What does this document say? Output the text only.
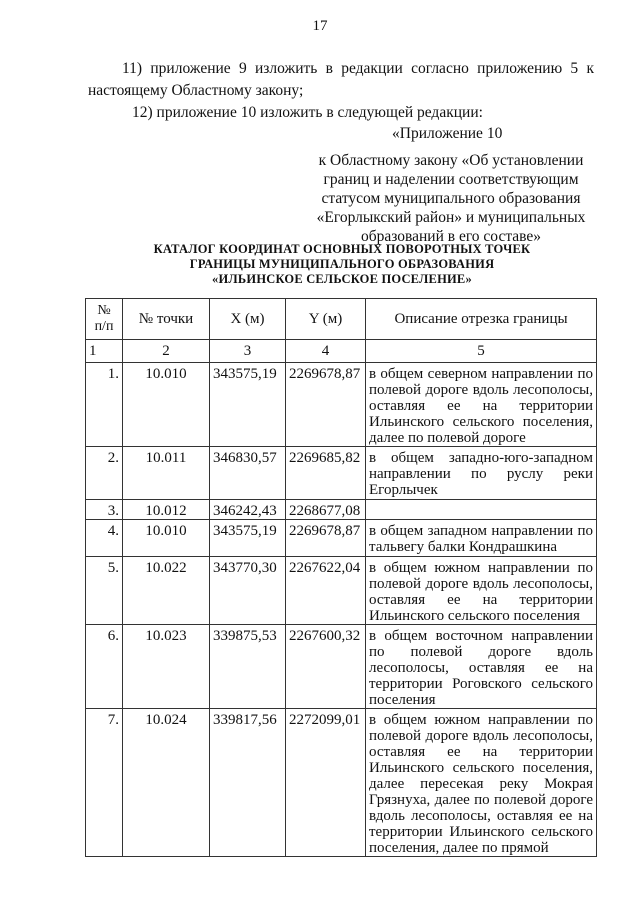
17
11) приложение 9 изложить в редакции согласно приложению 5 к
настоящему Областному закону;
12) приложение 10 изложить в следующей редакции:
«Приложение 10
к Областному закону «Об установлении
границ и наделении соответствующим
статусом муниципального образования
«Егорлыкский район» и муниципальных
образований в его составе»
КАТАЛОГ КООРДИНАТ ОСНОВНЫХ ПОВОРОТНЫХ ТОЧЕК
ГРАНИЦЫ МУНИЦИПАЛЬНОГО ОБРАЗОВАНИЯ
«ИЛЬИНСКОЕ СЕЛЬСКОЕ ПОСЕЛЕНИЕ»
№
п/п	№ точки	X (м)	Y (м)	Описание отрезка границы
1	2	3	4	5
1.	10.010	343575,19	2269678,87	в общем северном направлении по полевой дороге вдоль лесополосы, оставляя ее на территории Ильинского сельского поселения, далее по полевой дороге
2.	10.011	346830,57	2269685,82	в общем западно-юго-западном направлении по руслу реки Егорлычек
3.	10.012	346242,43	2268677,08	
4.	10.010	343575,19	2269678,87	в общем западном направлении по тальвегу балки Кондрашкина
5.	10.022	343770,30	2267622,04	в общем южном направлении по полевой дороге вдоль лесополосы, оставляя ее на территории Ильинского сельского поселения
6.	10.023	339875,53	2267600,32	в общем восточном направлении по полевой дороге вдоль лесополосы, оставляя ее на территории Роговского сельского поселения
7.	10.024	339817,56	2272099,01	в общем южном направлении по полевой дороге вдоль лесополосы, оставляя ее на территории Ильинского сельского поселения, далее пересекая реку Мокрая Грязнуха, далее по полевой дороге вдоль лесополосы, оставляя ее на территории Ильинского сельского поселения, далее по прямой
